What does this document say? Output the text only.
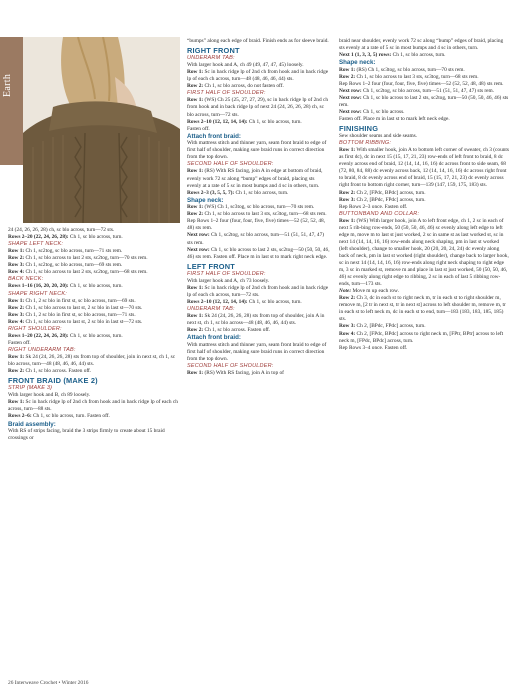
Earth
24 (24, 26, 26, 28) ch, sc blo across, turn—72 sts.
Rows 2–20 (22, 24, 26, 28): Ch 1, sc blo across, turn.
SHAPE LEFT NECK:
Row 1: Ch 1, sc2tog, sc blo across, turn—71 sts rem.
Row 2: Ch 1, sc blo across to last 2 sts, sc2tog, turn—70 sts rem.
Row 3: Ch 1, sc2tog, sc blo across, turn—69 sts rem.
Row 4: Ch 1, sc blo across to last 2 sts, sc2tog, turn—68 sts rem.
BACK NECK:
Rows 1–16 (16, 20, 20, 20): Ch 1, sc blo across, turn.
SHAPE RIGHT NECK:
Row 1: Ch 1, 2 sc blo in first st, sc blo across, turn—69 sts.
Row 2: Ch 1, sc blo across to last st, 2 sc blo in last st—70 sts.
Row 3: Ch 1, 2 sc blo in first st, sc blo across, turn—71 sts.
Row 4: Ch 1, sc blo across to last st, 2 sc blo in last st—72 sts.
RIGHT SHOULDER:
Rows 1–20 (22, 24, 26, 28): Ch 1, sc blo across, turn.
Fasten off.
RIGHT UNDERARM TAB:
Row 1: Sk 24 (24, 26, 26, 28) sts from top of shoulder, join in next st, ch 1, sc blo across, turn—48 (48, 46, 46, 44) sts.
Row 2: Ch 1, sc blo across. Fasten off.
FRONT BRAID (MAKE 2)
STRIP (MAKE 3)
With larger hook and B, ch 89 loosely.
Row 1: Sc in back ridge lp of 2nd ch from hook and in back ridge lp of each ch across, turn—88 sts.
Rows 2–6: Ch 1, sc blo across, turn. Fasten off.
Braid assembly:
With RS of strips facing, braid the 3 strips firmly to create about 15 braid crossings or
“bumps” along each edge of braid. Finish ends as for sleeve braid.
RIGHT FRONT
UNDERARM TAB:
With larger hook and A, ch 49 (49, 47, 47, 45) loosely.
Row 1: Sc in back ridge lp of 2nd ch from hook and in back ridge lp of each ch across, turn—48 (48, 46, 46, 44) sts.
Row 2: Ch 1, sc blo across, do not fasten off.
FIRST HALF OF SHOULDER:
Row 1: (WS) Ch 25 (25, 27, 27, 29), sc in back ridge lp of 2nd ch from hook and in back ridge lp of next 24 (24, 26, 26, 28) ch, sc blo across, turn—72 sts.
Rows 2–10 (12, 12, 14, 14): Ch 1, sc blo across, turn.
Fasten off.
Attach front braid:
With mattress stitch and thinner yarn, seam front braid to edge of first half of shoulder, making sure braid runs in correct direction from the top down.
SECOND HALF OF SHOULDER:
Row 1: (RS) With RS facing, join A in edge at bottom of braid, evenly work 72 sc along “bump” edges of braid, placing sts evenly at a rate of 5 sc in most bumps and 4 sc in others, turn.
Rows 2–3 (3, 5, 5, 7): Ch 1, sc blo across, turn.
Shape neck:
Row 1: (WS) Ch 1, sc3tog, sc blo across, turn—70 sts rem.
Row 2: Ch 1, sc blo across to last 3 sts, sc3tog, turn—68 sts rem.
Rep Rows 1–2 four (four, four, five, five) times—52 (52, 52, 48, 48) sts rem.
Next row: Ch 1, sc2tog, sc blo across, turn—51 (51, 51, 47, 47) sts rem.
Next row: Ch 1, sc blo across to last 2 sts, sc2tog—50 (50, 50, 46, 46) sts rem. Fasten off. Place m in last st to mark right neck edge.
LEFT FRONT
FIRST HALF OF SHOULDER:
With larger hook and A, ch 73 loosely.
Row 1: Sc in back ridge lp of 2nd ch from hook and in back ridge lp of each ch across, turn—72 sts.
Rows 2–10 (12, 12, 14, 14): Ch 1, sc blo across, turn.
UNDERARM TAB:
Row 1: Sk 24 (24, 26, 26, 28) sts from top of shoulder, join A in next st, ch 1, sc blo across—48 (48, 46, 46, 44) sts.
Row 2: Ch 1, sc blo across. Fasten off.
Attach front braid:
With mattress stitch and thinner yarn, seam front braid to edge of first half of shoulder, making sure braid runs in correct direction from the top down.
SECOND HALF OF SHOULDER:
Row 1: (RS) With RS facing, join A in top of
braid near shoulder, evenly work 72 sc along “bump” edges of braid, placing sts evenly at a rate of 5 sc in most bumps and 4 sc in others, turn.
Next 1 (1, 3, 3, 5) rows: Ch 1, sc blo across, turn.
Shape neck:
Row 1: (RS) Ch 1, sc3tog, sc blo across, turn—70 sts rem.
Row 2: Ch 1, sc blo across to last 3 sts, sc3tog, turn—68 sts rem.
Rep Rows 1–2 four (four, four, five, five) times—52 (52, 52, 48, 48) sts rem.
Next row: Ch 1, sc2tog, sc blo across, turn—51 (51, 51, 47, 47) sts rem.
Next row: Ch 1, sc blo across to last 2 sts, sc2tog, turn—50 (50, 50, 46, 46) sts rem.
Next row: Ch 1, sc blo across.
Fasten off. Place m in last st to mark left neck edge.
FINISHING
Sew shoulder seams and side seams.
BOTTOM RIBBING:
Row 1: With smaller hook, join A to bottom left corner of sweater, ch 3 (counts as first dc), dc in next 15 (15, 17, 21, 23) row-ends of left front to braid, 8 dc evenly across end of braid, 12 (14, 14, 16, 16) dc across front to side seam, 68 (72, 80, 84, 88) dc evenly across back, 12 (14, 14, 16, 16) dc across right front to braid, 8 dc evenly across end of braid, 15 (15, 17, 21, 23) dc evenly across right front to bottom right corner, turn—139 (147, 159, 175, 183) sts.
Row 2: Ch 2, [FPdc, BPdc] across, turn.
Row 3: Ch 2, [BPdc, FPdc] across, turn.
Rep Rows 2–3 once. Fasten off.
BUTTONBAND AND COLLAR:
Row 1: (WS) With larger hook, join A to left front edge, ch 1, 2 sc in each of next 5 rib-bing row-ends, 50 (50, 50, 46, 46) sc evenly along left edge to left edge m, move m to last st just worked, 2 sc in same st as last worked st, sc in next 14 (14, 14, 16, 16) row-ends along neck shaping, pm in last st worked (left shoulder), change to smaller hook, 20 (20, 20, 24, 24) dc evenly along back of neck, pm in last st worked (right shoulder), change back to larger hook, sc in next 14 (14, 14, 16, 16) row-ends along right neck shaping to right edge m, 3 sc in marked st, remove m and place in last st just worked, 50 (50, 50, 46, 46) sc evenly along right edge to ribbing, 2 sc in each of last 5 ribbing row-ends, turn—173 sts.
Note: Move m up each row.
Row 2: Ch 3, dc in each st to right neck m, tr in each st to right shoulder m, remove m, [2 tr in next st, tr in next st] across to left shoulder m, remove m, tr in each st to left neck m, dc in each st to end, turn—183 (183, 183, 185, 185) sts.
Row 3: Ch 2, [BPdc, FPdc] across, turn.
Row 4: Ch 2, [FPdc, BPdc] across to right neck m, [FPtr, BPtr] across to left neck m, [FPdc, BPdc] across, turn.
Rep Rows 3–4 once. Fasten off.
26 Interweave Crochet • Winter 2016
